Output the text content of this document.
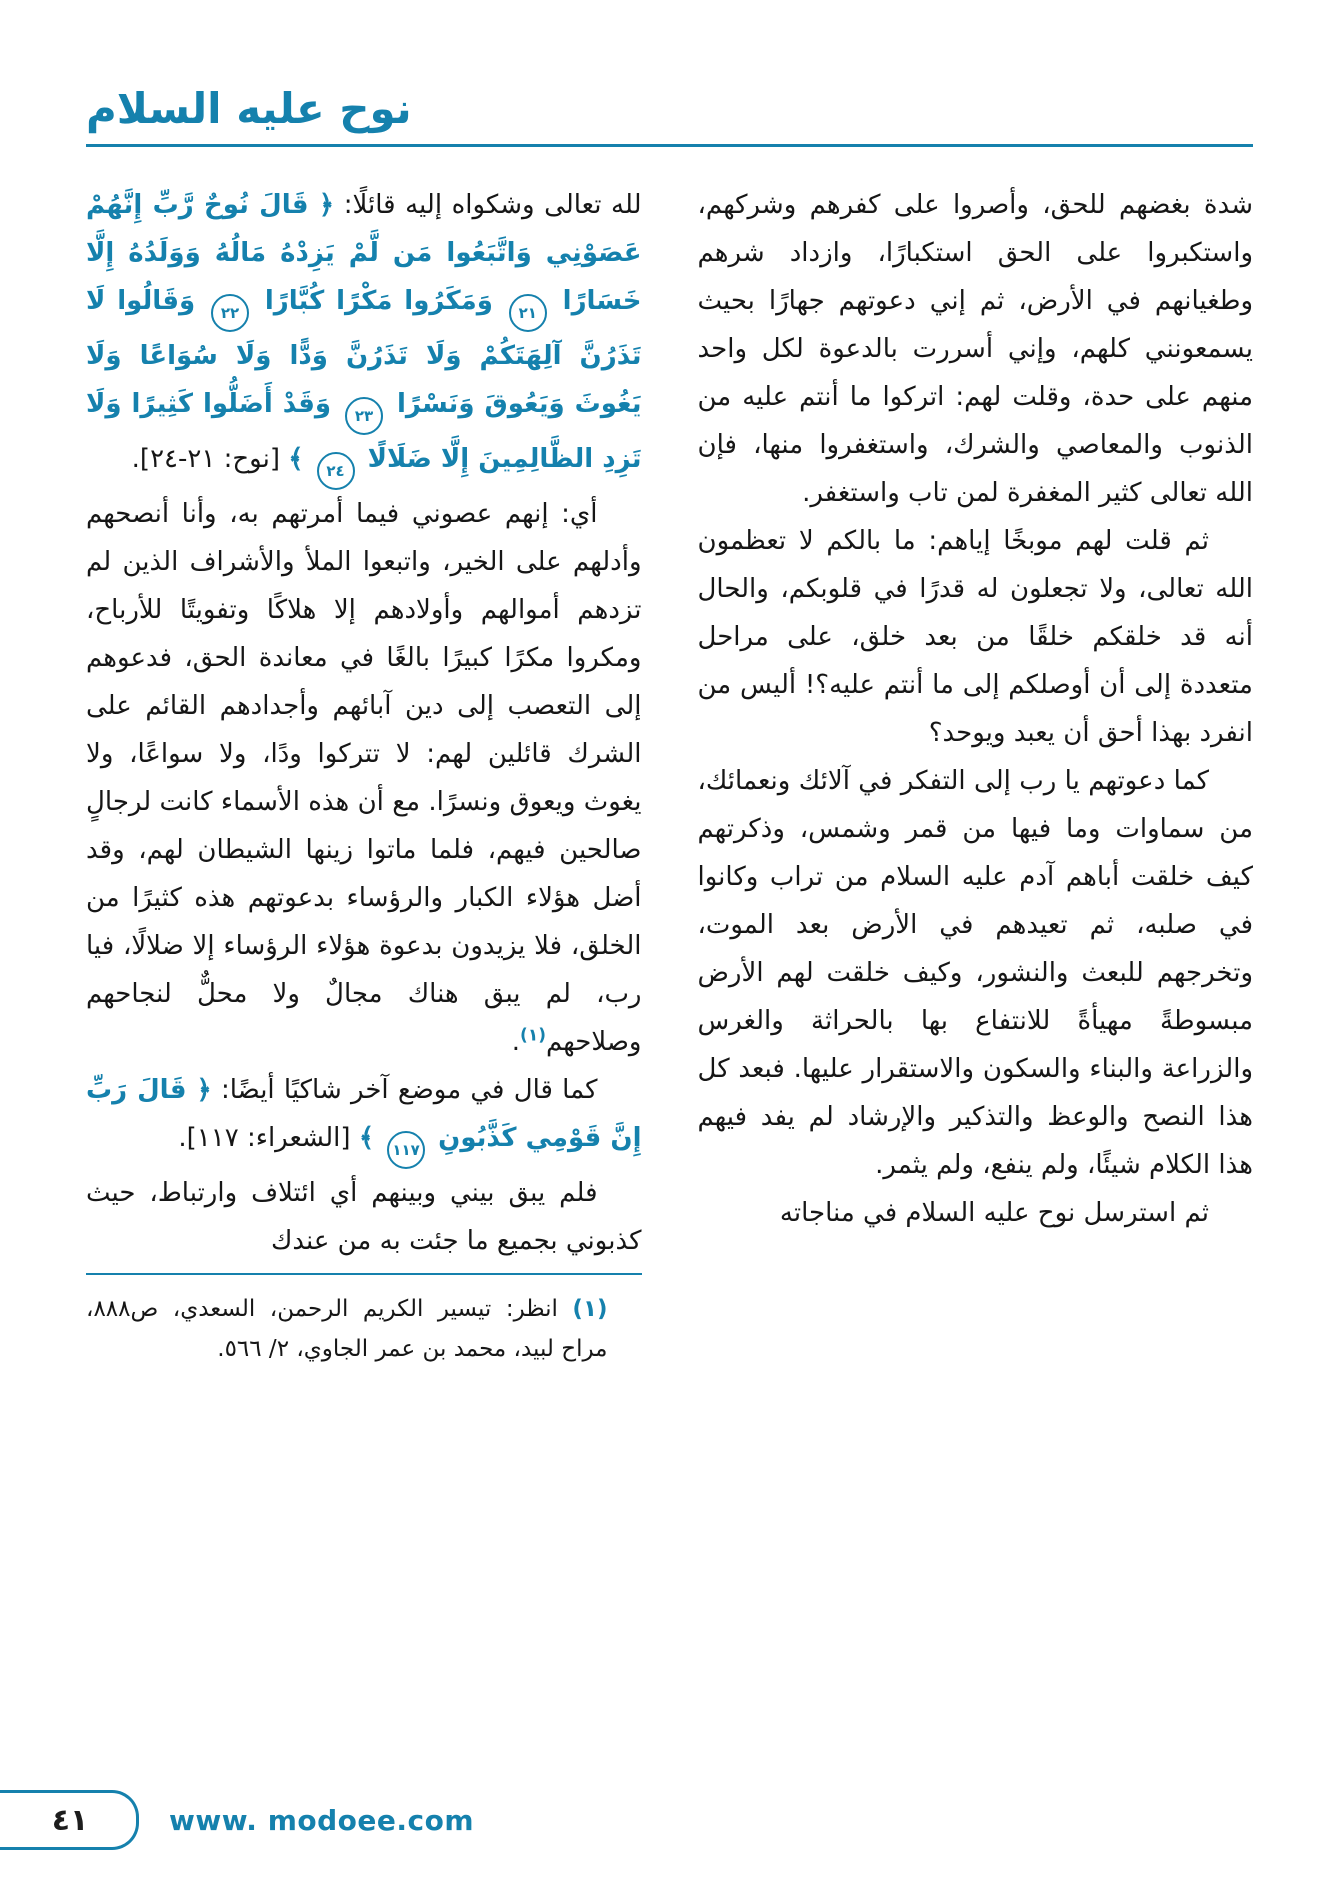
نوح عليه السلام

شدة بغضهم للحق، وأصروا على كفرهم وشركهم، واستكبروا على الحق استكبارًا، وازداد شرهم وطغيانهم في الأرض، ثم إني دعوتهم جهارًا بحيث يسمعونني كلهم، وإني أسررت بالدعوة لكل واحد منهم على حدة، وقلت لهم: اتركوا ما أنتم عليه من الذنوب والمعاصي والشرك، واستغفروا منها، فإن الله تعالى كثير المغفرة لمن تاب واستغفر.

ثم قلت لهم موبخًا إياهم: ما بالكم لا تعظمون الله تعالى، ولا تجعلون له قدرًا في قلوبكم، والحال أنه قد خلقكم خلقًا من بعد خلق، على مراحل متعددة إلى أن أوصلكم إلى ما أنتم عليه؟! أليس من انفرد بهذا أحق أن يعبد ويوحد؟

كما دعوتهم يا رب إلى التفكر في آلائك ونعمائك، من سماوات وما فيها من قمر وشمس، وذكرتهم كيف خلقت أباهم آدم عليه السلام من تراب وكانوا في صلبه، ثم تعيدهم في الأرض بعد الموت، وتخرجهم للبعث والنشور، وكيف خلقت لهم الأرض مبسوطةً مهيأةً للانتفاع بها بالحراثة والغرس والزراعة والبناء والسكون والاستقرار عليها. فبعد كل هذا النصح والوعظ والتذكير والإرشاد لم يفد فيهم هذا الكلام شيئًا، ولم ينفع، ولم يثمر.

ثم استرسل نوح عليه السلام في مناجاته

لله تعالى وشكواه إليه قائلًا: ﴿ قَالَ نُوحٌ رَّبِّ إِنَّهُمْ عَصَوْنِي وَاتَّبَعُوا مَن لَّمْ يَزِدْهُ مَالُهُ وَوَلَدُهُ إِلَّا خَسَارًا ٢١ وَمَكَرُوا مَكْرًا كُبَّارًا ٢٢ وَقَالُوا لَا تَذَرُنَّ آلِهَتَكُمْ وَلَا تَذَرُنَّ وَدًّا وَلَا سُوَاعًا وَلَا يَغُوثَ وَيَعُوقَ وَنَسْرًا ٢٣ وَقَدْ أَضَلُّوا كَثِيرًا وَلَا تَزِدِ الظَّالِمِينَ إِلَّا ضَلَالًا ٢٤ ﴾ [نوح: ٢١-٢٤].

أي: إنهم عصوني فيما أمرتهم به، وأنا أنصحهم وأدلهم على الخير، واتبعوا الملأ والأشراف الذين لم تزدهم أموالهم وأولادهم إلا هلاكًا وتفويتًا للأرباح، ومكروا مكرًا كبيرًا بالغًا في معاندة الحق، فدعوهم إلى التعصب إلى دين آبائهم وأجدادهم القائم على الشرك قائلين لهم: لا تتركوا ودًا، ولا سواعًا، ولا يغوث ويعوق ونسرًا. مع أن هذه الأسماء كانت لرجالٍ صالحين فيهم، فلما ماتوا زينها الشيطان لهم، وقد أضل هؤلاء الكبار والرؤساء بدعوتهم هذه كثيرًا من الخلق، فلا يزيدون بدعوة هؤلاء الرؤساء إلا ضلالًا، فيا رب، لم يبق هناك مجالٌ ولا محلٌّ لنجاحهم وصلاحهم$^{(١)}$.

كما قال في موضع آخر شاكيًا أيضًا: ﴿ قَالَ رَبِّ إِنَّ قَوْمِي كَذَّبُونِ ١١٧ ﴾ [الشعراء: ١١٧].

فلم يبق بيني وبينهم أي ائتلاف وارتباط، حيث كذبوني بجميع ما جئت به من عندك

(١) انظر: تيسير الكريم الرحمن، السعدي، ص٨٨٨، مراح لبيد، محمد بن عمر الجاوي، ٢/ ٥٦٦.

٤١	www. modoee.com
